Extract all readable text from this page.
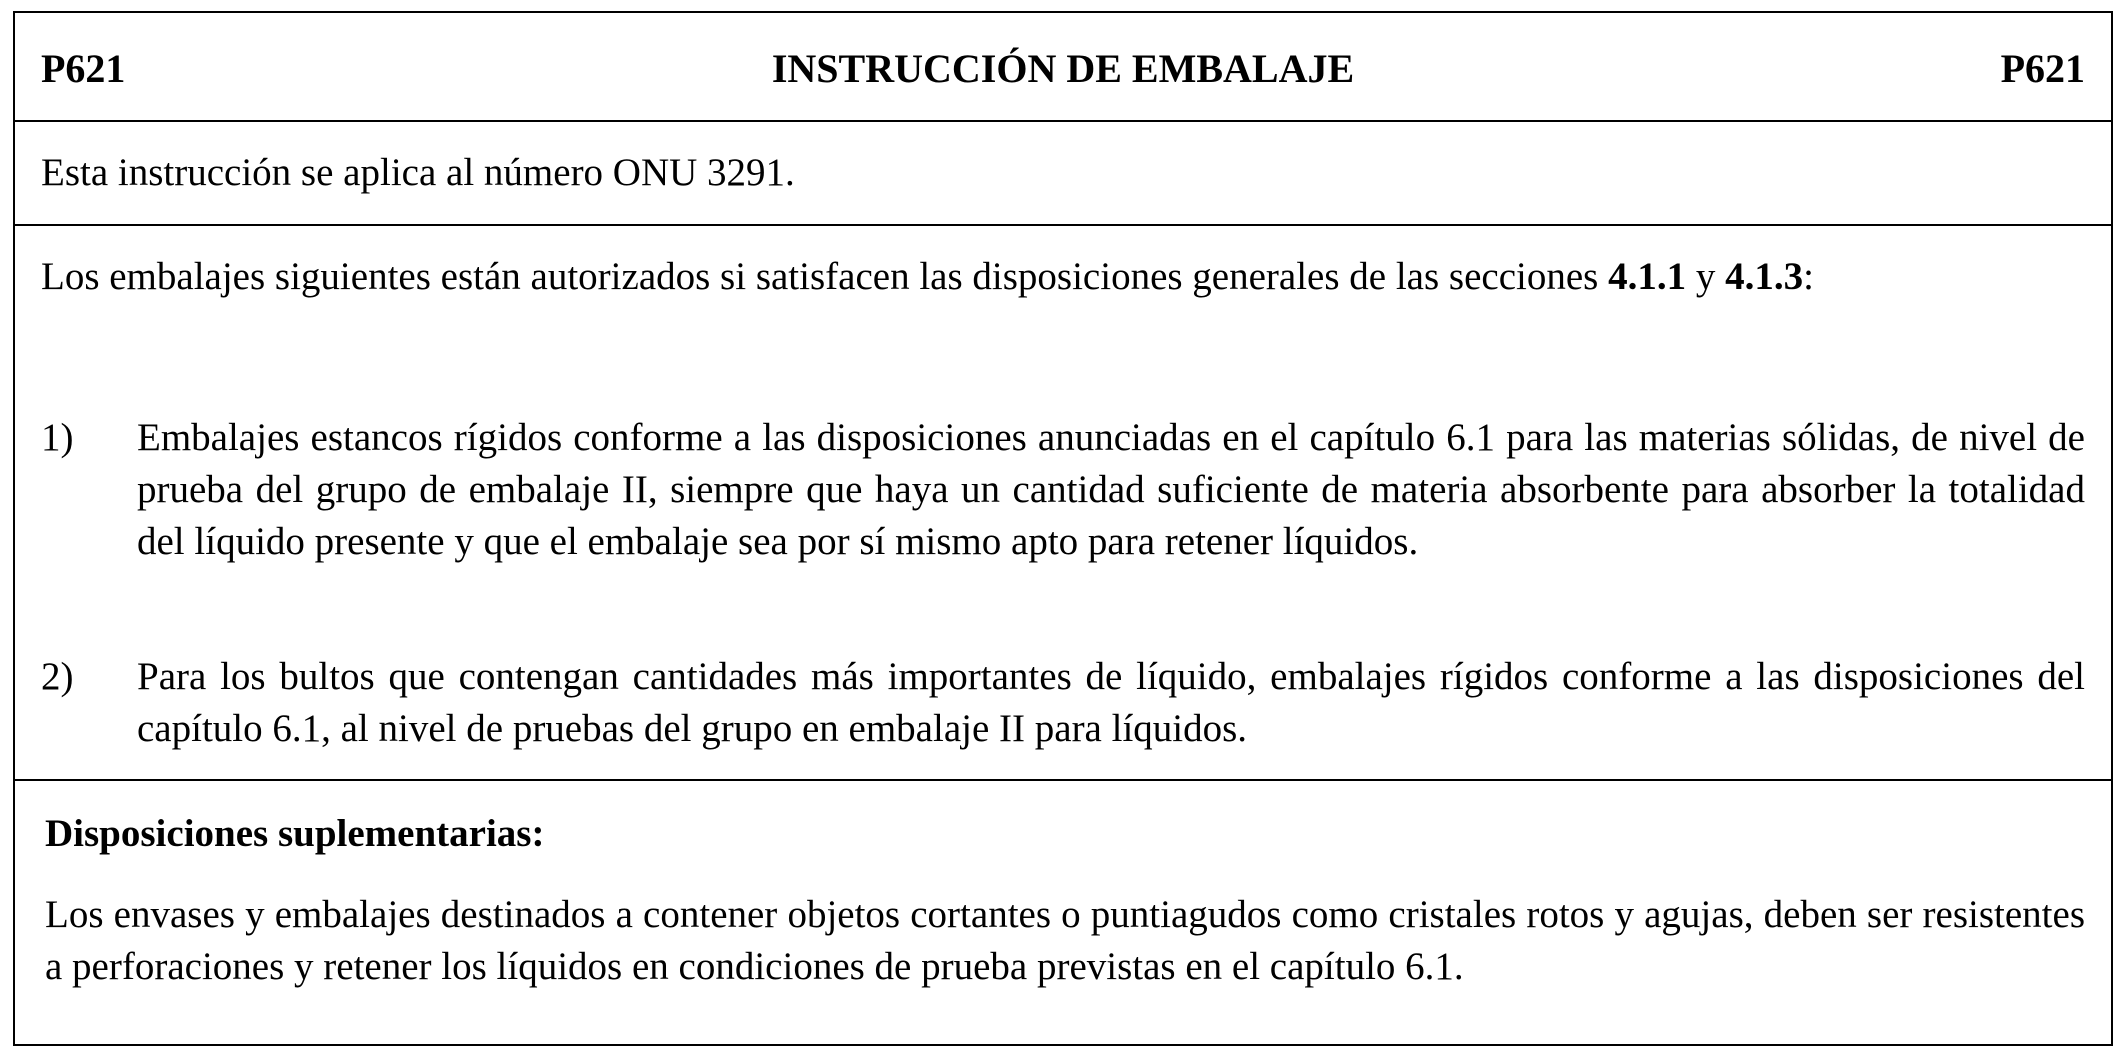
P621	INSTRUCCIÓN DE EMBALAJE	P621
Esta instrucción se aplica al número ONU 3291.
Los embalajes siguientes están autorizados si satisfacen las disposiciones generales de las secciones 4.1.1 y 4.1.3:
1)	Embalajes estancos rígidos conforme a las disposiciones anunciadas en el capítulo 6.1 para las materias sólidas, de nivel de prueba del grupo de embalaje II, siempre que haya un cantidad suficiente de materia absorbente para absorber la totalidad del líquido presente y que el embalaje sea por sí mismo apto para retener líquidos.
2)	Para los bultos que contengan cantidades más importantes de líquido, embalajes rígidos conforme a las disposiciones del capítulo 6.1, al nivel de pruebas del grupo en embalaje II para líquidos.
Disposiciones suplementarias:
Los envases y embalajes destinados a contener objetos cortantes o puntiagudos como cristales rotos y agujas, deben ser resistentes a perforaciones y retener los líquidos en condiciones de prueba previstas en el capítulo 6.1.
